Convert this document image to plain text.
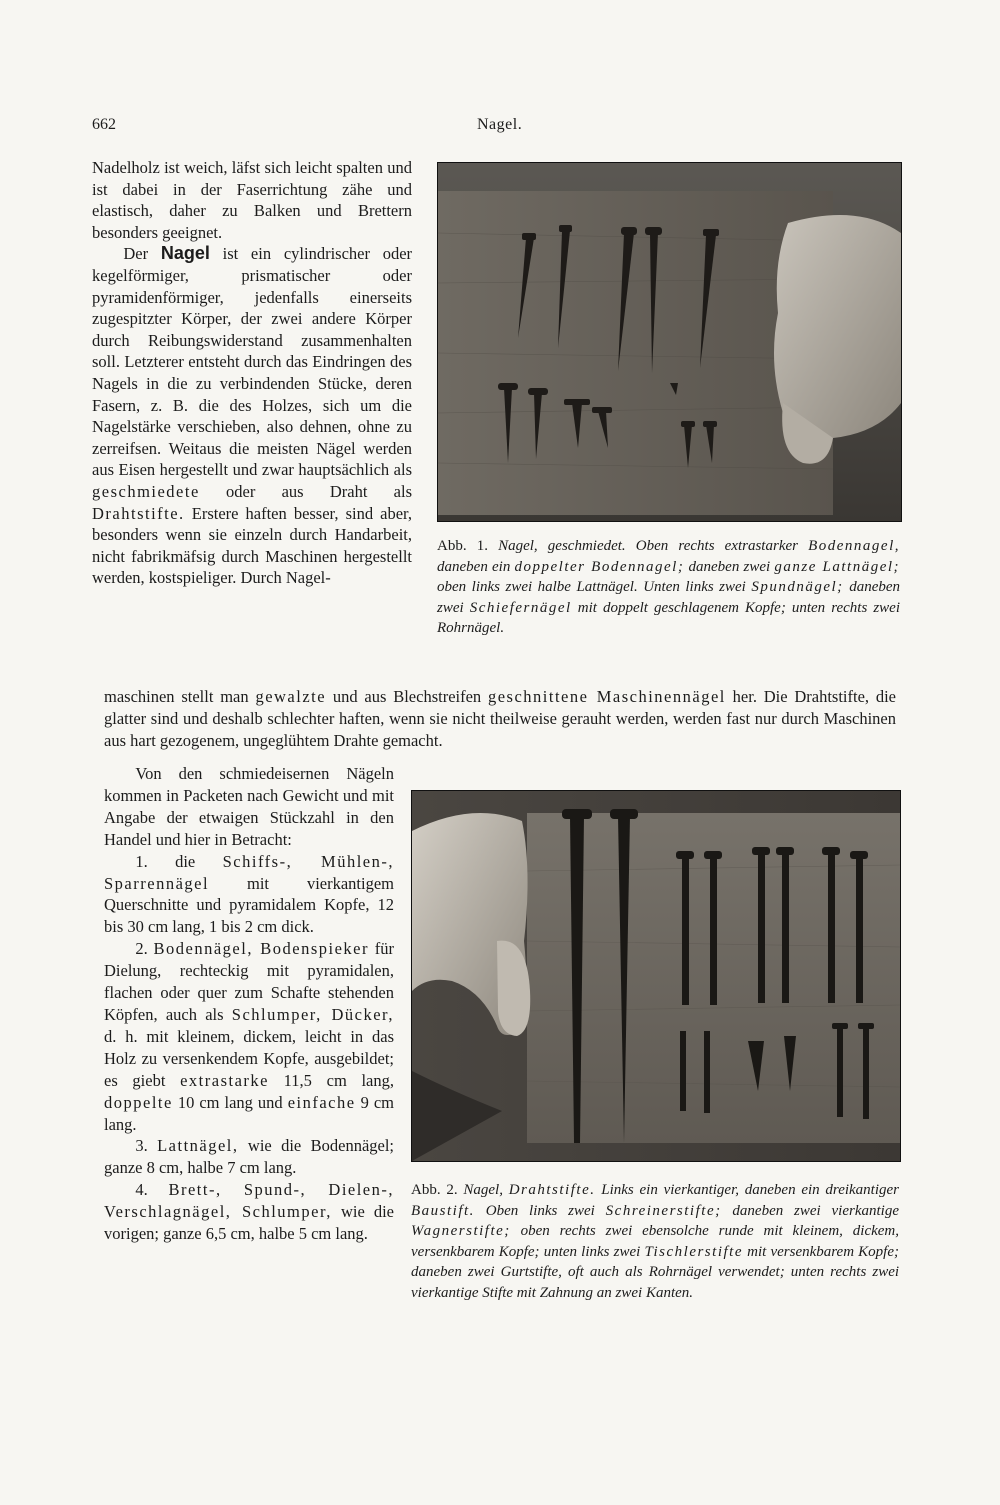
662	Nagel.

Nadelholz ist weich, läfst sich leicht spalten und ist dabei in der Faserrichtung zähe und elastisch, daher zu Balken und Brettern besonders geeignet.

Der Nagel ist ein cylindrischer oder kegelförmiger, prismatischer oder pyramidenförmiger, jedenfalls einerseits zugespitzter Körper, der zwei andere Körper durch Reibungswiderstand zusammenhalten soll. Letzterer entsteht durch das Eindringen des Nagels in die zu verbindenden Stücke, deren Fasern, z. B. die des Holzes, sich um die Nagelstärke verschieben, also dehnen, ohne zu zerreifsen. Weitaus die meisten Nägel werden aus Eisen hergestellt und zwar hauptsächlich als geschmiedete oder aus Draht als Drahtstifte. Erstere haften besser, sind aber, besonders wenn sie einzeln durch Handarbeit, nicht fabrikmäfsig durch Maschinen hergestellt werden, kostspieliger. Durch Nagel-

Abb. 1. Nagel, geschmiedet. Oben rechts extrastarker Bodennagel, daneben ein doppelter Bodennagel; daneben zwei ganze Lattnägel; oben links zwei halbe Lattnägel. Unten links zwei Spundnägel; daneben zwei Schiefernägel mit doppelt geschlagenem Kopfe; unten rechts zwei Rohrnägel.

maschinen stellt man gewalzte und aus Blechstreifen geschnittene Maschinennägel her. Die Drahtstifte, die glatter sind und deshalb schlechter haften, wenn sie nicht theilweise gerauht werden, werden fast nur durch Maschinen aus hart gezogenem, ungeglühtem Drahte gemacht.

Von den schmiedeisernen Nägeln kommen in Packeten nach Gewicht und mit Angabe der etwaigen Stückzahl in den Handel und hier in Betracht:

1. die Schiffs-, Mühlen-, Sparrennägel mit vierkantigem Querschnitte und pyramidalem Kopfe, 12 bis 30 cm lang, 1 bis 2 cm dick.

2. Bodennägel, Bodenspieker für Dielung, rechteckig mit pyramidalen, flachen oder quer zum Schafte stehenden Köpfen, auch als Schlumper, Dücker, d. h. mit kleinem, dickem, leicht in das Holz zu versenkendem Kopfe, ausgebildet; es giebt extrastarke 11,5 cm lang, doppelte 10 cm lang und einfache 9 cm lang.

3. Lattnägel, wie die Bodennägel; ganze 8 cm, halbe 7 cm lang.

4. Brett-, Spund-, Dielen-, Verschlagnägel, Schlumper, wie die vorigen; ganze 6,5 cm, halbe 5 cm lang.

Abb. 2. Nagel, Drahtstifte. Links ein vierkantiger, daneben ein dreikantiger Baustift. Oben links zwei Schreinerstifte; daneben zwei vierkantige Wagnerstifte; oben rechts zwei ebensolche runde mit kleinem, dickem, versenkbarem Kopfe; unten links zwei Tischlerstifte mit versenkbarem Kopfe; daneben zwei Gurtstifte, oft auch als Rohrnägel verwendet; unten rechts zwei vierkantige Stifte mit Zahnung an zwei Kanten.
